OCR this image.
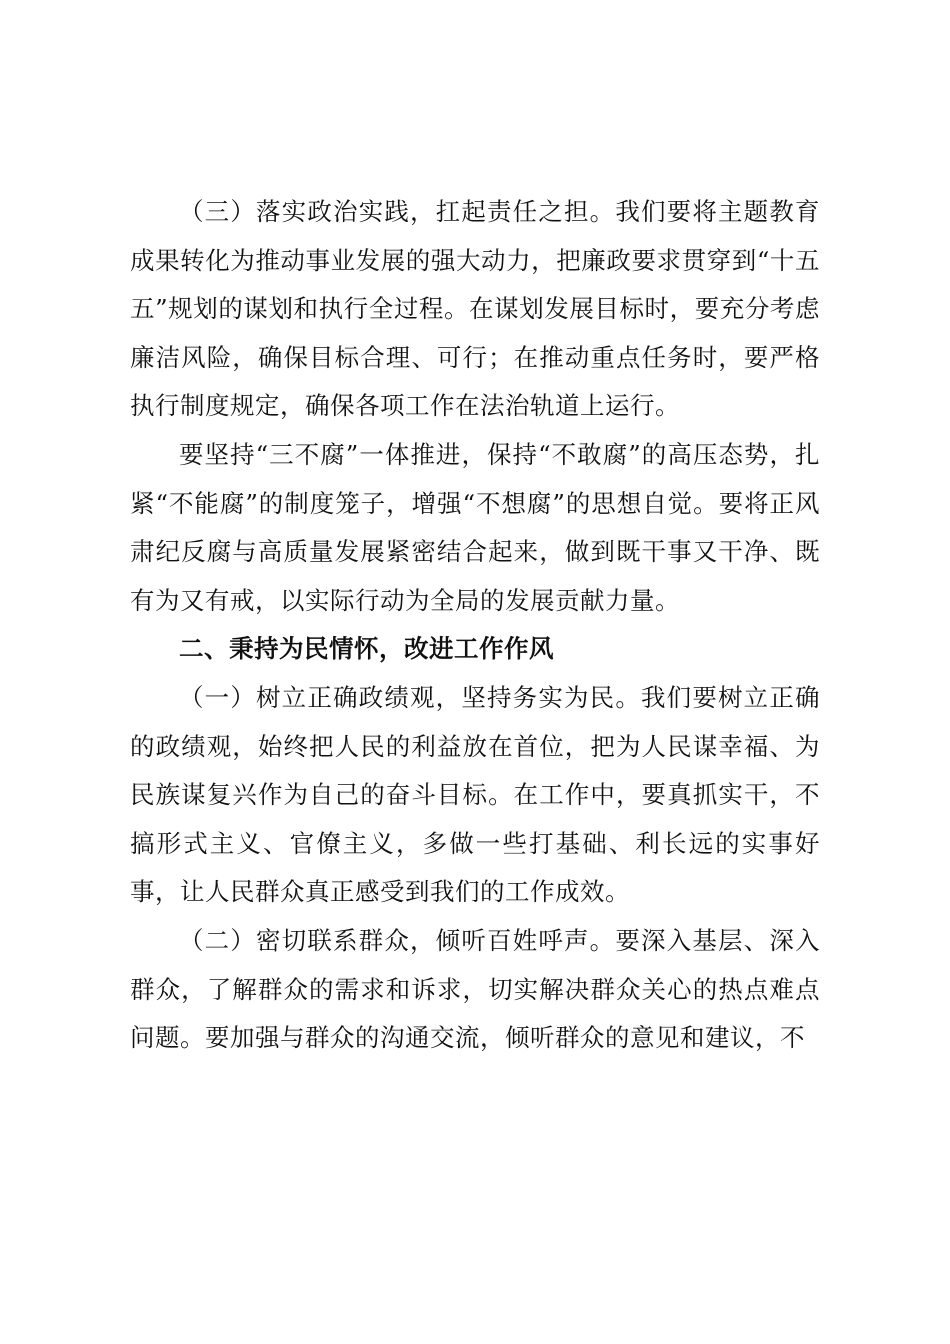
（三）落实政治实践，扛起责任之担。我们要将主题教育成果转化为推动事业发展的强大动力，把廉政要求贯穿到“十五五”规划的谋划和执行全过程。在谋划发展目标时，要充分考虑廉洁风险，确保目标合理、可行；在推动重点任务时，要严格执行制度规定，确保各项工作在法治轨道上运行。

要坚持“三不腐”一体推进，保持“不敢腐”的高压态势，扎紧“不能腐”的制度笼子，增强“不想腐”的思想自觉。要将正风肃纪反腐与高质量发展紧密结合起来，做到既干事又干净、既有为又有戒，以实际行动为全局的发展贡献力量。

二、秉持为民情怀，改进工作作风

（一）树立正确政绩观，坚持务实为民。我们要树立正确的政绩观，始终把人民的利益放在首位，把为人民谋幸福、为民族谋复兴作为自己的奋斗目标。在工作中，要真抓实干，不搞形式主义、官僚主义，多做一些打基础、利长远的实事好事，让人民群众真正感受到我们的工作成效。

（二）密切联系群众，倾听百姓呼声。要深入基层、深入群众，了解群众的需求和诉求，切实解决群众关心的热点难点问题。要加强与群众的沟通交流，倾听群众的意见和建议，不
